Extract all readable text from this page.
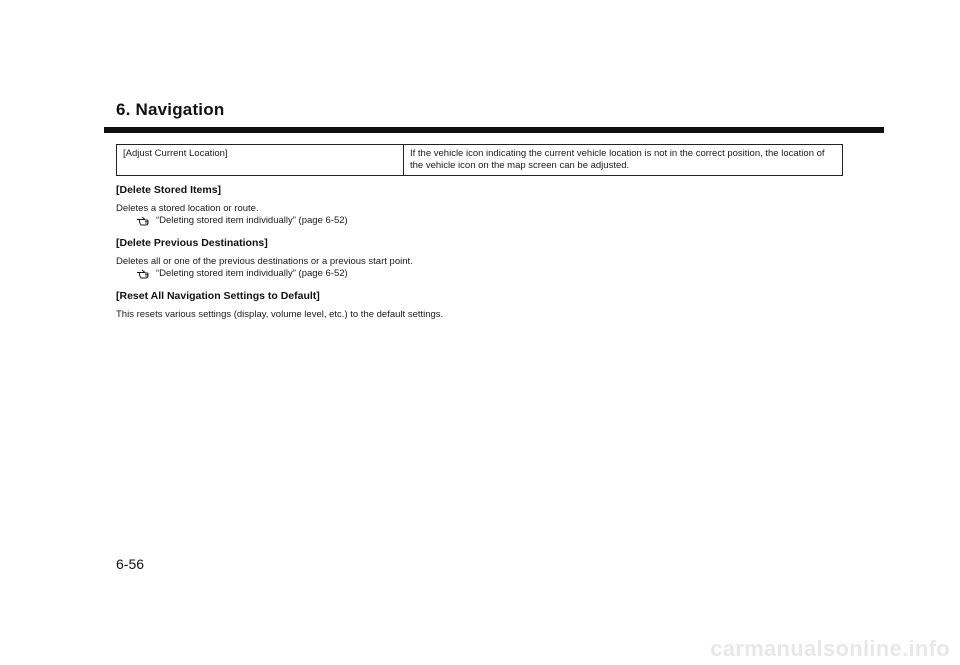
6. Navigation
[Adjust Current Location]	If the vehicle icon indicating the current vehicle location is not in the correct position, the location of the vehicle icon on the map screen can be adjusted.

[Delete Stored Items]

Deletes a stored location or route.

“Deleting stored item individually” (page 6-52)

[Delete Previous Destinations]

Deletes all or one of the previous destinations or a previous start point.

“Deleting stored item individually” (page 6-52)

[Reset All Navigation Settings to Default]

This resets various settings (display, volume level, etc.) to the default settings.

6-56

carmanualsonline.info
